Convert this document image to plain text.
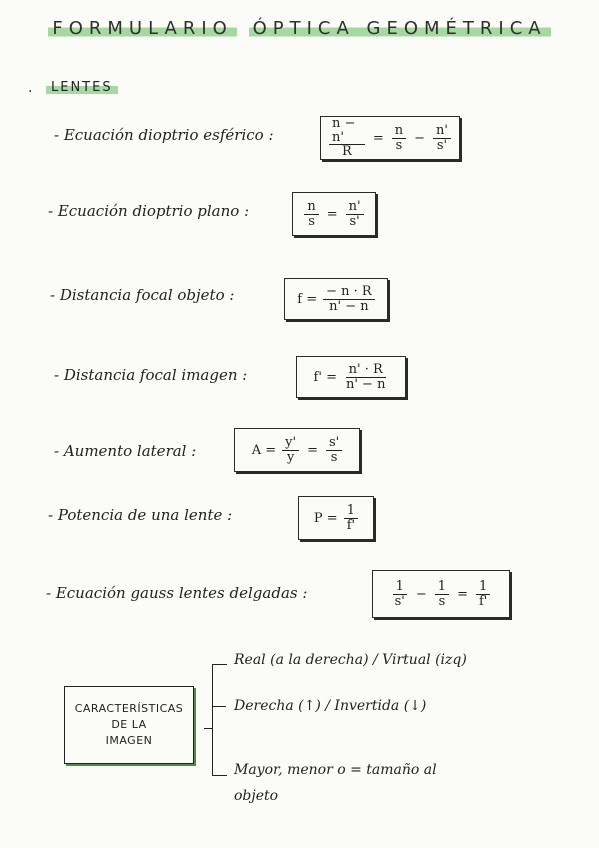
FORMULARIO ÓPTICA GEOMÉTRICA
·	LENTES
- Ecuación dioptrio esférico :	$\frac{n - n'}{R} = \frac{n}{s} - \frac{n'}{s'}$
- Ecuación dioptrio plano :	$\frac{n}{s} = \frac{n'}{s'}$
- Distancia focal objeto :	$f = \frac{- n \cdot R}{n' - n}$
- Distancia focal imagen :	$f' = \frac{n' \cdot R}{n' - n}$
- Aumento lateral :	$A = \frac{y'}{y} = \frac{s'}{s}$
- Potencia de una lente :	$P = \frac{1}{f'}$
- Ecuación gauss lentes delgadas :	$\frac{1}{s'} - \frac{1}{s} = \frac{1}{f'}$
CARACTERÍSTICAS
DE LA
IMAGEN
Real (a la derecha) / Virtual (izq)
Derecha (↑) / Invertida (↓)
Mayor, menor o = tamaño al
objeto
